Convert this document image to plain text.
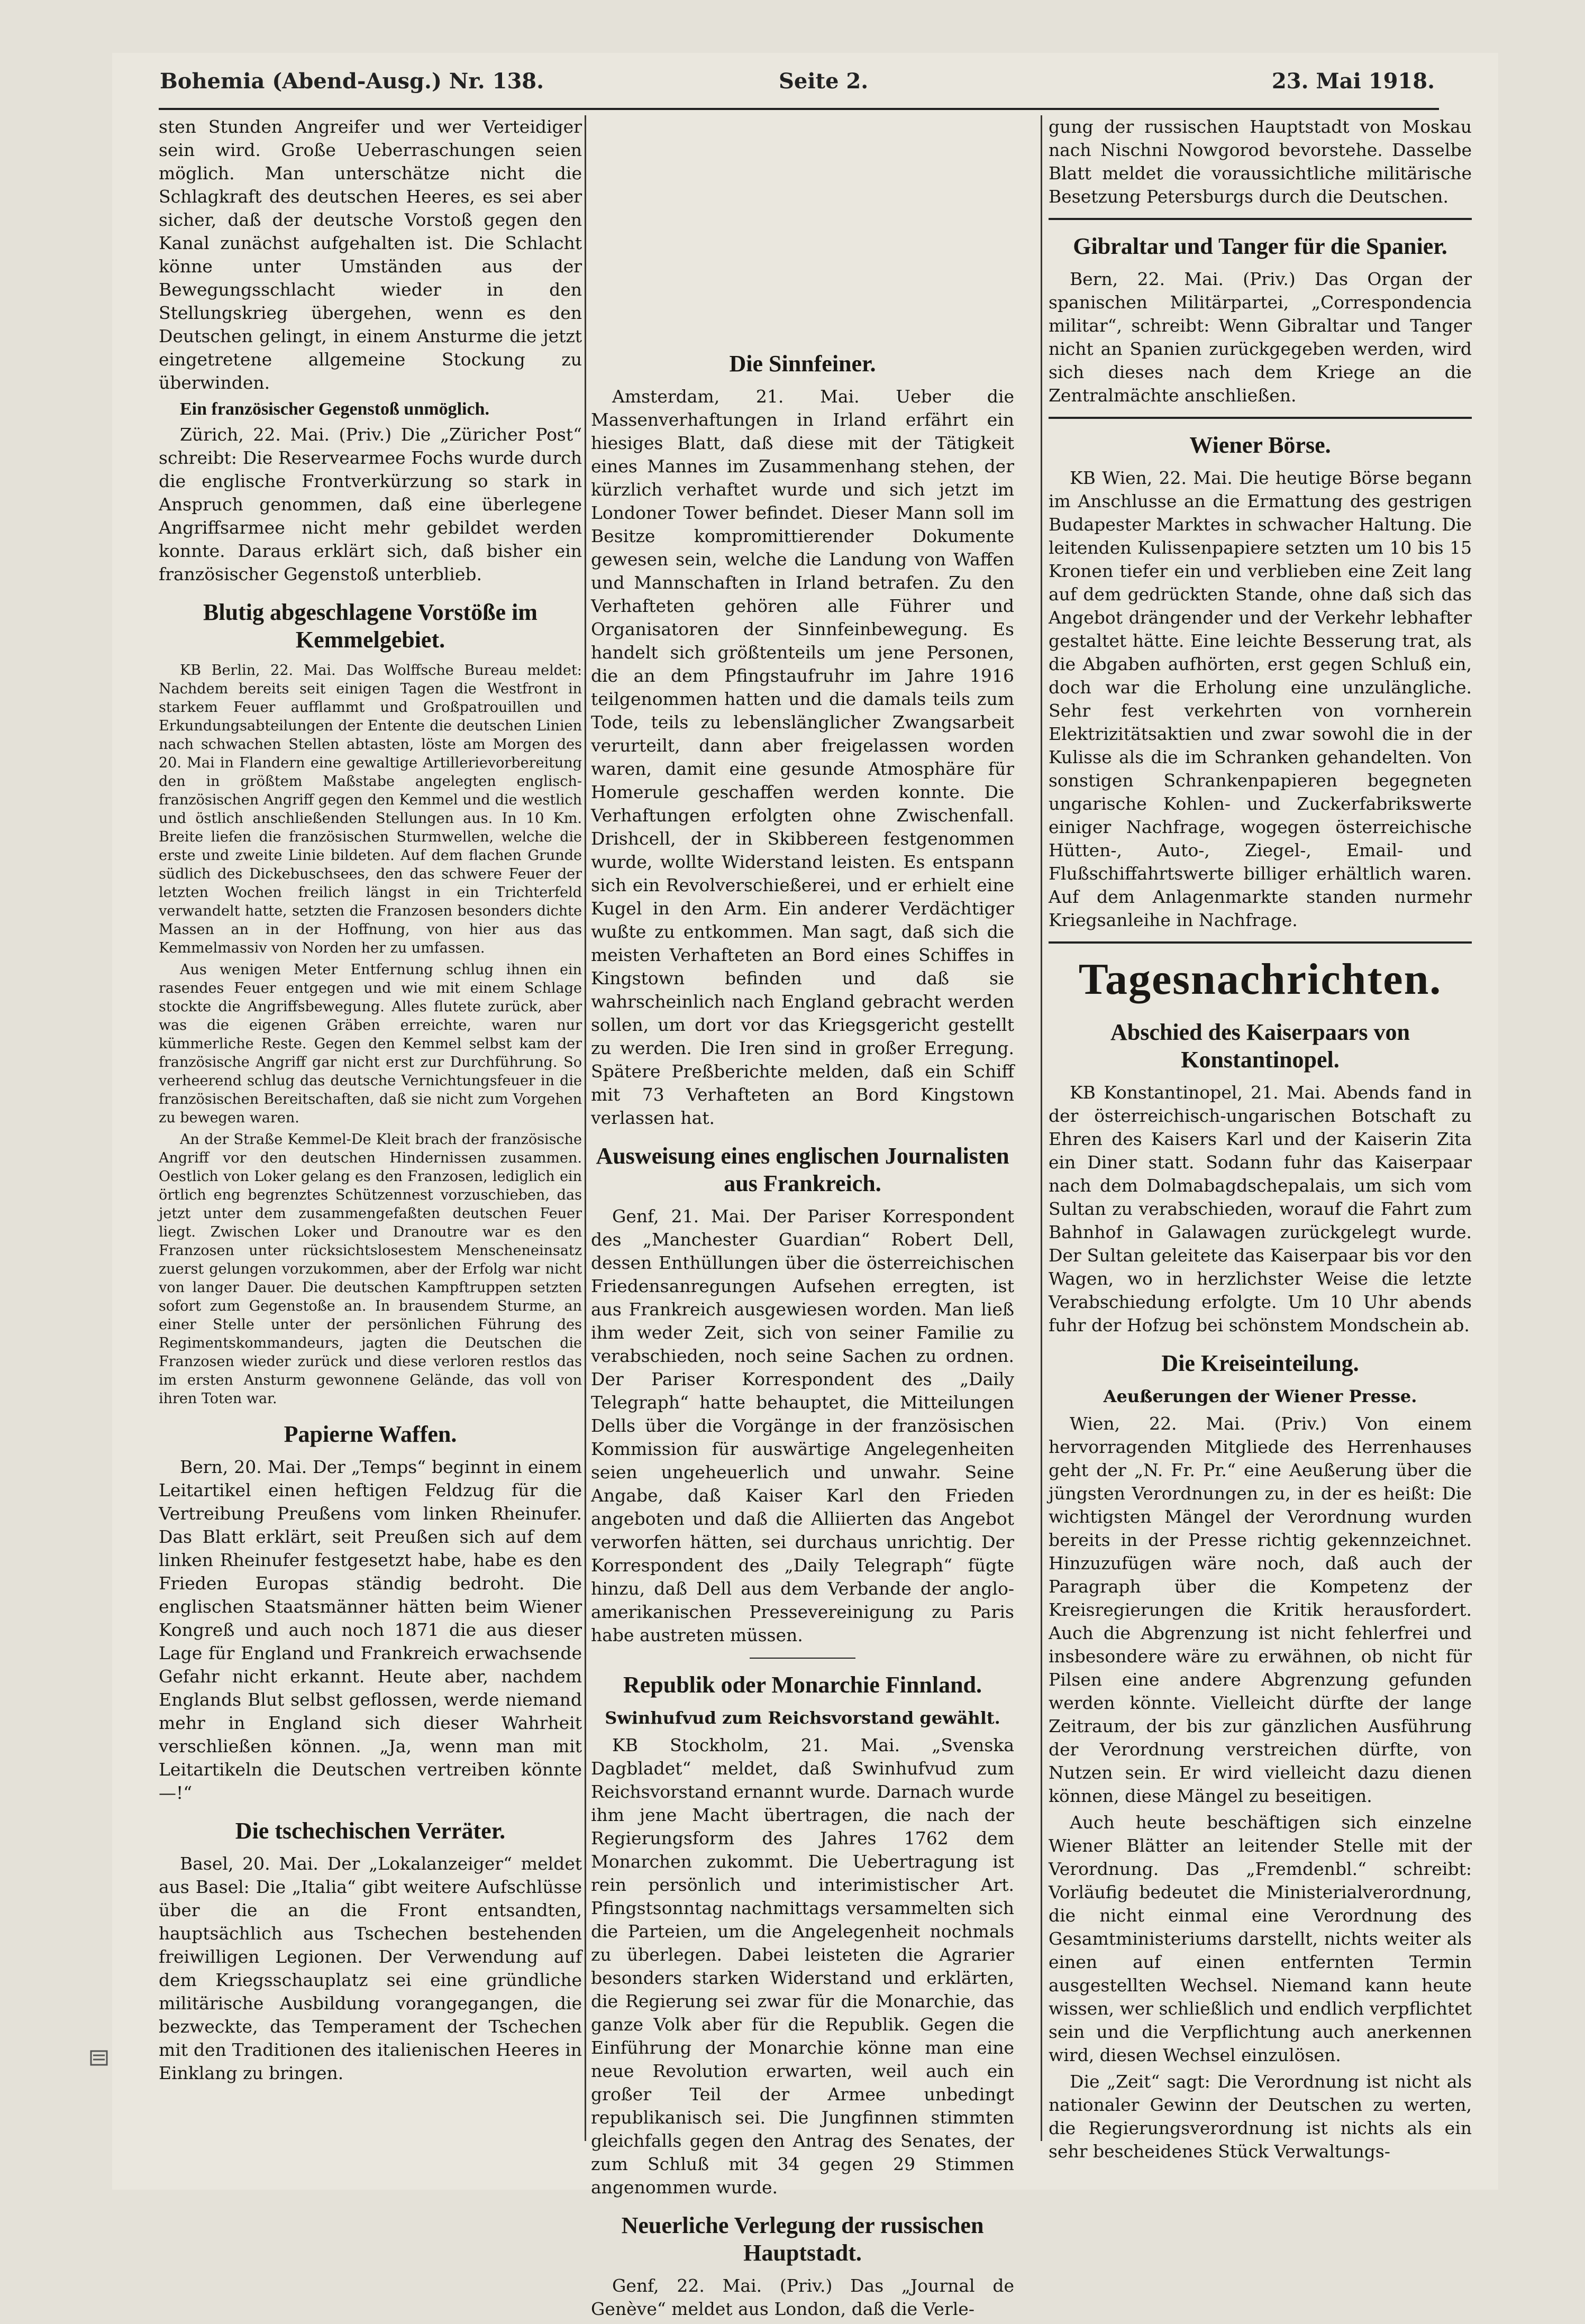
Bohemia (Abend-Ausg.) Nr. 138.	Seite 2.	23. Mai 1918.

sten Stunden Angreifer und wer Verteidiger sein wird. Große Ueberraschungen seien möglich. Man unterschätze nicht die Schlagkraft des deutschen Heeres, es sei aber sicher, daß der deutsche Vorstoß gegen den Kanal zunächst aufgehalten ist. Die Schlacht könne unter Umständen aus der Bewegungsschlacht wieder in den Stellungskrieg übergehen, wenn es den Deutschen gelingt, in einem Ansturme die jetzt eingetretene allgemeine Stockung zu überwinden.

Ein französischer Gegenstoß unmöglich.

Zürich, 22. Mai. (Priv.) Die „Züricher Post“ schreibt: Die Reservearmee Fochs wurde durch die englische Frontverkürzung so stark in Anspruch genommen, daß eine überlegene Angriffsarmee nicht mehr gebildet werden konnte. Daraus erklärt sich, daß bisher ein französischer Gegenstoß unterblieb.

Blutig abgeschlagene Vorstöße im Kemmelgebiet.

KB Berlin, 22. Mai. Das Wolffsche Bureau meldet: Nachdem bereits seit einigen Tagen die Westfront in starkem Feuer aufflammt und Großpatrouillen und Erkundungsabteilungen der Entente die deutschen Linien nach schwachen Stellen abtasten, löste am Morgen des 20. Mai in Flandern eine gewaltige Artillerievorbereitung den in größtem Maßstabe angelegten englisch-französischen Angriff gegen den Kemmel und die westlich und östlich anschließenden Stellungen aus. In 10 Km. Breite liefen die französischen Sturmwellen, welche die erste und zweite Linie bildeten. Auf dem flachen Grunde südlich des Dickebuschsees, den das schwere Feuer der letzten Wochen freilich längst in ein Trichterfeld verwandelt hatte, setzten die Franzosen besonders dichte Massen an in der Hoffnung, von hier aus das Kemmelmassiv von Norden her zu umfassen.

Aus wenigen Meter Entfernung schlug ihnen ein rasendes Feuer entgegen und wie mit einem Schlage stockte die Angriffsbewegung. Alles flutete zurück, aber was die eigenen Gräben erreichte, waren nur kümmerliche Reste. Gegen den Kemmel selbst kam der französische Angriff gar nicht erst zur Durchführung. So verheerend schlug das deutsche Vernichtungsfeuer in die französischen Bereitschaften, daß sie nicht zum Vorgehen zu bewegen waren.

An der Straße Kemmel-De Kleit brach der französische Angriff vor den deutschen Hindernissen zusammen. Oestlich von Loker gelang es den Franzosen, lediglich ein örtlich eng begrenztes Schützennest vorzuschieben, das jetzt unter dem zusammengefaßten deutschen Feuer liegt. Zwischen Loker und Dranoutre war es den Franzosen unter rücksichtslosestem Menscheneinsatz zuerst gelungen vorzukommen, aber der Erfolg war nicht von langer Dauer. Die deutschen Kampftruppen setzten sofort zum Gegenstoße an. In brausendem Sturme, an einer Stelle unter der persönlichen Führung des Regimentskommandeurs, jagten die Deutschen die Franzosen wieder zurück und diese verloren restlos das im ersten Ansturm gewonnene Gelände, das voll von ihren Toten war.

Papierne Waffen.

Bern, 20. Mai. Der „Temps“ beginnt in einem Leitartikel einen heftigen Feldzug für die Vertreibung Preußens vom linken Rheinufer. Das Blatt erklärt, seit Preußen sich auf dem linken Rheinufer festgesetzt habe, habe es den Frieden Europas ständig bedroht. Die englischen Staatsmänner hätten beim Wiener Kongreß und auch noch 1871 die aus dieser Lage für England und Frankreich erwachsende Gefahr nicht erkannt. Heute aber, nachdem Englands Blut selbst geflossen, werde niemand mehr in England sich dieser Wahrheit verschließen können. „Ja, wenn man mit Leitartikeln die Deutschen vertreiben könnte —!“

Die tschechischen Verräter.

Basel, 20. Mai. Der „Lokalanzeiger“ meldet aus Basel: Die „Italia“ gibt weitere Aufschlüsse über die an die Front entsandten, hauptsächlich aus Tschechen bestehenden freiwilligen Legionen. Der Verwendung auf dem Kriegsschauplatz sei eine gründliche militärische Ausbildung vorangegangen, die bezweckte, das Temperament der Tschechen mit den Traditionen des italienischen Heeres in Einklang zu bringen.

Die Sinnfeiner.

Amsterdam, 21. Mai. Ueber die Massenverhaftungen in Irland erfährt ein hiesiges Blatt, daß diese mit der Tätigkeit eines Mannes im Zusammenhang stehen, der kürzlich verhaftet wurde und sich jetzt im Londoner Tower befindet. Dieser Mann soll im Besitze kompromittierender Dokumente gewesen sein, welche die Landung von Waffen und Mannschaften in Irland betrafen. Zu den Verhafteten gehören alle Führer und Organisatoren der Sinnfeinbewegung. Es handelt sich größtenteils um jene Personen, die an dem Pfingstaufruhr im Jahre 1916 teilgenommen hatten und die damals teils zum Tode, teils zu lebenslänglicher Zwangsarbeit verurteilt, dann aber freigelassen worden waren, damit eine gesunde Atmosphäre für Homerule geschaffen werden konnte. Die Verhaftungen erfolgten ohne Zwischenfall. Drishcell, der in Skibbereen festgenommen wurde, wollte Widerstand leisten. Es entspann sich ein Revolverschießerei, und er erhielt eine Kugel in den Arm. Ein anderer Verdächtiger wußte zu entkommen. Man sagt, daß sich die meisten Verhafteten an Bord eines Schiffes in Kingstown befinden und daß sie wahrscheinlich nach England gebracht werden sollen, um dort vor das Kriegsgericht gestellt zu werden. Die Iren sind in großer Erregung. Spätere Preßberichte melden, daß ein Schiff mit 73 Verhafteten an Bord Kingstown verlassen hat.

Ausweisung eines englischen Journalisten aus Frankreich.

Genf, 21. Mai. Der Pariser Korrespondent des „Manchester Guardian“ Robert Dell, dessen Enthüllungen über die österreichischen Friedensanregungen Aufsehen erregten, ist aus Frankreich ausgewiesen worden. Man ließ ihm weder Zeit, sich von seiner Familie zu verabschieden, noch seine Sachen zu ordnen. Der Pariser Korrespondent des „Daily Telegraph“ hatte behauptet, die Mitteilungen Dells über die Vorgänge in der französischen Kommission für auswärtige Angelegenheiten seien ungeheuerlich und unwahr. Seine Angabe, daß Kaiser Karl den Frieden angeboten und daß die Alliierten das Angebot verworfen hätten, sei durchaus unrichtig. Der Korrespondent des „Daily Telegraph“ fügte hinzu, daß Dell aus dem Verbande der anglo-amerikanischen Pressevereinigung zu Paris habe austreten müssen.

Republik oder Monarchie Finnland.
Swinhufvud zum Reichsvorstand gewählt.

KB Stockholm, 21. Mai. „Svenska Dagbladet“ meldet, daß Swinhufvud zum Reichsvorstand ernannt wurde. Darnach wurde ihm jene Macht übertragen, die nach der Regierungsform des Jahres 1762 dem Monarchen zukommt. Die Uebertragung ist rein persönlich und interimistischer Art. Pfingstsonntag nachmittags versammelten sich die Parteien, um die Angelegenheit nochmals zu überlegen. Dabei leisteten die Agrarier besonders starken Widerstand und erklärten, die Regierung sei zwar für die Monarchie, das ganze Volk aber für die Republik. Gegen die Einführung der Monarchie könne man eine neue Revolution erwarten, weil auch ein großer Teil der Armee unbedingt republikanisch sei. Die Jungfinnen stimmten gleichfalls gegen den Antrag des Senates, der zum Schluß mit 34 gegen 29 Stimmen angenommen wurde.

Neuerliche Verlegung der russischen Hauptstadt.

Genf, 22. Mai. (Priv.) Das „Journal de Genève“ meldet aus London, daß die Verle-

gung der russischen Hauptstadt von Moskau nach Nischni Nowgorod bevorstehe. Dasselbe Blatt meldet die voraussichtliche militärische Besetzung Petersburgs durch die Deutschen.

Gibraltar und Tanger für die Spanier.

Bern, 22. Mai. (Priv.) Das Organ der spanischen Militärpartei, „Correspondencia militar“, schreibt: Wenn Gibraltar und Tanger nicht an Spanien zurückgegeben werden, wird sich dieses nach dem Kriege an die Zentralmächte anschließen.

Wiener Börse.

KB Wien, 22. Mai. Die heutige Börse begann im Anschlusse an die Ermattung des gestrigen Budapester Marktes in schwacher Haltung. Die leitenden Kulissenpapiere setzten um 10 bis 15 Kronen tiefer ein und verblieben eine Zeit lang auf dem gedrückten Stande, ohne daß sich das Angebot drängender und der Verkehr lebhafter gestaltet hätte. Eine leichte Besserung trat, als die Abgaben aufhörten, erst gegen Schluß ein, doch war die Erholung eine unzulängliche. Sehr fest verkehrten von vornherein Elektrizitätsaktien und zwar sowohl die in der Kulisse als die im Schranken gehandelten. Von sonstigen Schrankenpapieren begegneten ungarische Kohlen- und Zuckerfabrikswerte einiger Nachfrage, wogegen österreichische Hütten-, Auto-, Ziegel-, Email- und Flußschiffahrtswerte billiger erhältlich waren. Auf dem Anlagenmarkte standen nurmehr Kriegsanleihe in Nachfrage.

Tagesnachrichten.
Abschied des Kaiserpaars von Konstantinopel.

KB Konstantinopel, 21. Mai. Abends fand in der österreichisch-ungarischen Botschaft zu Ehren des Kaisers Karl und der Kaiserin Zita ein Diner statt. Sodann fuhr das Kaiserpaar nach dem Dolmabagdschepalais, um sich vom Sultan zu verabschieden, worauf die Fahrt zum Bahnhof in Galawagen zurückgelegt wurde. Der Sultan geleitete das Kaiserpaar bis vor den Wagen, wo in herzlichster Weise die letzte Verabschiedung erfolgte. Um 10 Uhr abends fuhr der Hofzug bei schönstem Mondschein ab.

Die Kreiseinteilung.
Aeußerungen der Wiener Presse.

Wien, 22. Mai. (Priv.) Von einem hervorragenden Mitgliede des Herrenhauses geht der „N. Fr. Pr.“ eine Aeußerung über die jüngsten Verordnungen zu, in der es heißt: Die wichtigsten Mängel der Verordnung wurden bereits in der Presse richtig gekennzeichnet. Hinzuzufügen wäre noch, daß auch der Paragraph über die Kompetenz der Kreisregierungen die Kritik herausfordert. Auch die Abgrenzung ist nicht fehlerfrei und insbesondere wäre zu erwähnen, ob nicht für Pilsen eine andere Abgrenzung gefunden werden könnte. Vielleicht dürfte der lange Zeitraum, der bis zur gänzlichen Ausführung der Verordnung verstreichen dürfte, von Nutzen sein. Er wird vielleicht dazu dienen können, diese Mängel zu beseitigen.

Auch heute beschäftigen sich einzelne Wiener Blätter an leitender Stelle mit der Verordnung. Das „Fremdenbl.“ schreibt: Vorläufig bedeutet die Ministerialverordnung, die nicht einmal eine Verordnung des Gesamtministeriums darstellt, nichts weiter als einen auf einen entfernten Termin ausgestellten Wechsel. Niemand kann heute wissen, wer schließlich und endlich verpflichtet sein und die Verpflichtung auch anerkennen wird, diesen Wechsel einzulösen.

Die „Zeit“ sagt: Die Verordnung ist nicht als nationaler Gewinn der Deutschen zu werten, die Regierungsverordnung ist nichts als ein sehr bescheidenes Stück Verwaltungs-
